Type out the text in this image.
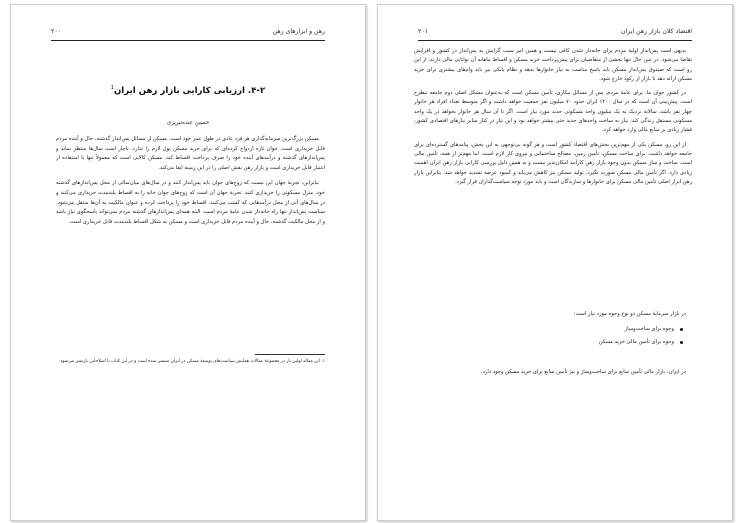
رهن و ابزارهای رهن
۲۰۰
۴-۲. ارزیابی کارایی بازار رهن ایران$^1$
حسین عبده‌تبریزی

مسکن بزرگ‌ترین سرمایه‌گذاری هر فرد عادی در طول عمر خود است. مسکن از مسائل پس‌انداز گذشته، حال و آینده مردم قابل خریداری است. جوان تازه ازدواج کرده‌ای که برای خرید مسکن پول لازم را ندارد، ناچار است سال‌ها منتظر بماند و پس‌اندازهای گذشته و درآمدهای آینده خود را صرف پرداخت اقساط کند. مسکن کالایی است که معمولاً تنها با استفاده از اعتبار قابل خریداری است و بازار رهن نقش اصلی را در این زمینه ایفا می‌کند.

بنابراین، تجربهٔ جهان این نیست که زوج‌های جوان باید پس‌انداز کنند و در سال‌های میان‌سالی از محل پس‌اندازهای گذشته خود، منزل مسکونی را خریداری کنند. تجربهٔ جهان آن است که زوج‌های جوان خانه را به اقساط بلندمدت خریداری می‌کنند و در سال‌های آتی از محل درآمدهایی که کسب می‌کنند، اقساط خود را پرداخت کرده و عنوان مالکیت به آن‌ها منتقل می‌شود. سیاست پس‌انداز تنها راه خانه‌دار شدن عامهٔ مردم است، البته همه‌ای پس‌اندازهای گذشته مردم نمی‌تواند پاسخگوی نیاز باشد و از محل مالکیت گذشته، حال و آینده مردم قابل خریداری است و مسکن به شکل اقساط بلندمدت قابل خریداری است.

۱. این مقاله اولین بار در مجموعهٔ مقالات همایش سیاست‌های توسعهٔ مسکن در ایران منتشر شده است و در این کتاب با اصلاحاتی بازنشر می‌شود.
اقتصاد کلان بازار رهن ایران
۲۰۱

بدیهی است پس‌انداز اولیهٔ مردم برای خانه‌دار شدن کافی نیست و همین امر سبب گرایش به پس‌انداز در کشور و افزایش تقاضا می‌شود. در عین حال تنها بخشی از متقاضیان برای پیش‌پرداخت خرید مسکن و اقساط ماهانه آن توانایی مالی دارند، از این رو است که صندوق پس‌انداز مسکن باید پاسخ مناسب به نیاز خانوارها بدهد و نظام بانکی نیز باید وام‌های بیشتری برای خرید مسکن ارائه دهد تا بازار از رکود خارج شود.

در کشور جوان ما، برای عامهٔ مردم، پس از مسائل بیکاری، تأمین مسکن است که به‌عنوان مشکل اصلی دوم جامعه مطرح است. پیش‌بینی آن است که در سال ۱۴۰۰ ایران حدود ۷۰ میلیون نفر جمعیت خواهد داشت و اگر متوسط تعداد افراد هر خانوار چهار نفر باشد، سالانه نزدیک به یک میلیون واحد مسکونی جدید مورد نیاز است. اگر تا آن سال هر خانوار بخواهد در یک واحد مسکونی مستقل زندگی کند، نیاز به ساخت واحدهای جدید حتی بیشتر خواهد بود و این نیاز در کنار سایر نیازهای اقتصادی کشور، فشار زیادی بر منابع مالی وارد خواهد کرد.

از این رو، مسکن یکی از مهم‌ترین بخش‌های اقتصاد کشور است و هر گونه بی‌توجهی به این بخش، پیامدهای گسترده‌ای برای جامعه خواهد داشت. برای ساخت مسکن، تأمین زمین، مصالح ساختمانی و نیروی کار لازم است، اما مهم‌تر از همه، تأمین مالی است. ساخت و ساز مسکن بدون وجود بازار رهن کارآمد امکان‌پذیر نیست و به همین دلیل بررسی کارایی بازار رهن ایران اهمیت زیادی دارد. اگر تأمین مالی مسکن صورت نگیرد، تولید مسکن نیز کاهش می‌یابد و کمبود عرضه تشدید خواهد شد، بنابراین بازار رهن ابزار اصلی تأمین مالی مسکن برای خانوارها و سازندگان است و باید مورد توجه سیاست‌گذاران قرار گیرد.

در بازار سرمایهٔ مسکن دو نوع وجوه مورد نیاز است:
وجوه برای ساخت‌وساز
وجوه برای تأمین مالی خرید مسکن
در ایران، بازار مالی تأمین منابع برای ساخت‌وساز و نیز تأمین منابع برای خرید مسکن وجود دارد.
